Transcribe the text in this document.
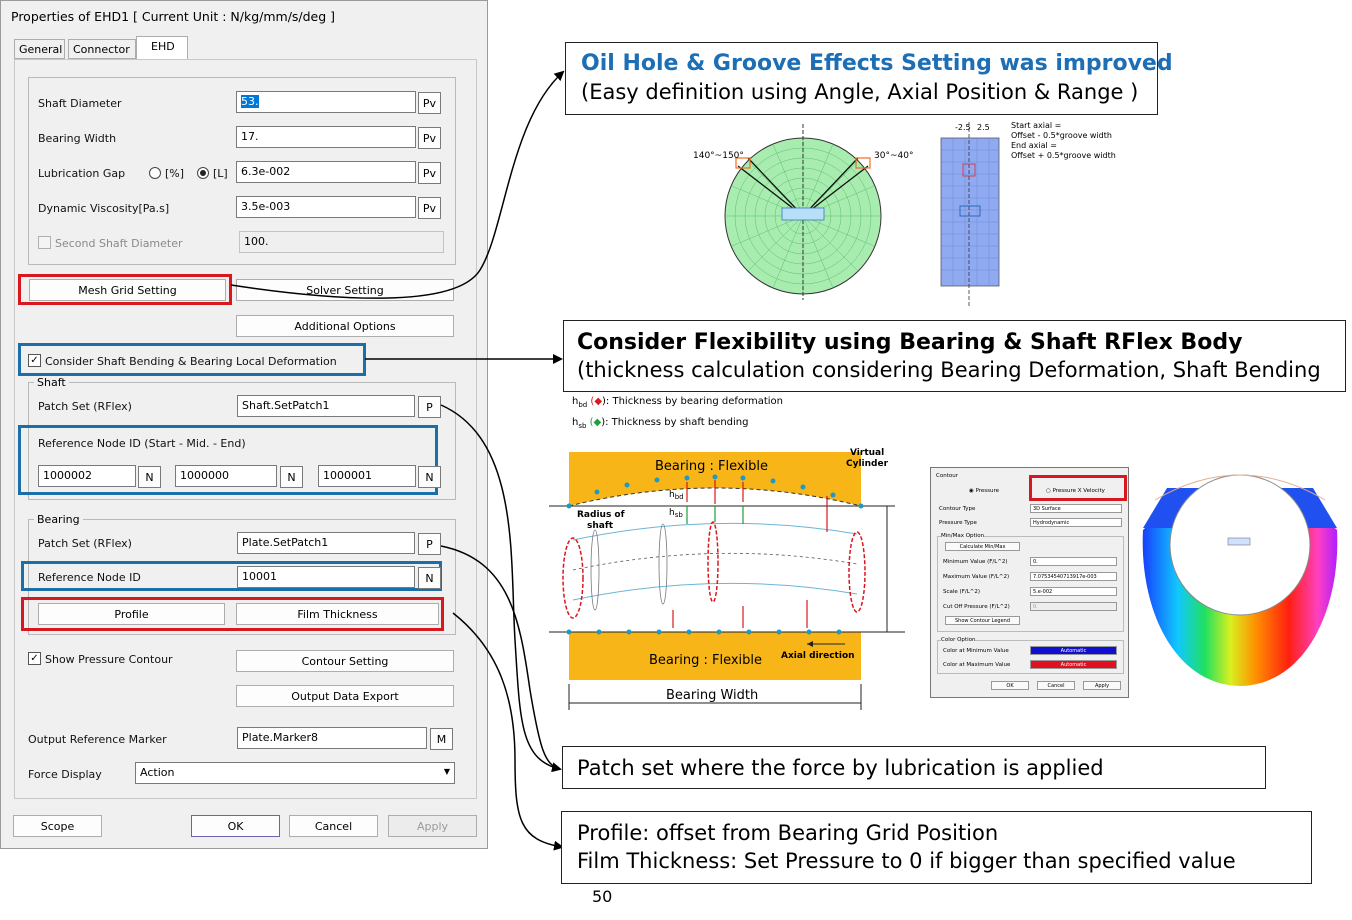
Properties of EHD1 [ Current Unit : N/kg/mm/s/deg ]
General Connector	EHD
Shaft Diameter	53.	Pv
Bearing Width	17.	Pv
Lubrication Gap	[%]	[L]	6.3e-002	Pv
Dynamic Viscosity[Pa.s]	3.5e-003	Pv
Second Shaft Diameter	100.
Mesh Grid Setting	Solver Setting
Additional Options
✓ Consider Shaft Bending & Bearing Local Deformation
Shaft
Patch Set (RFlex)	Shaft.SetPatch1	P
Reference Node ID (Start - Mid. - End)
1000002	N	1000000	N	1000001	N
Bearing
Patch Set (RFlex)	Plate.SetPatch1	P
Reference Node ID	10001	N
Profile	Film Thickness
✓ Show Pressure Contour	Contour Setting
Output Data Export
Output Reference Marker	Plate.Marker8	M
Force Display	Action	▼
Scope	OK	Cancel	Apply
Oil Hole & Groove Effects Setting was improved
(Easy definition using Angle, Axial Position & Range )
140°~150°	30°~40°
-2.5 2.5	Start axial =
Offset - 0.5*groove width
End axial =
Offset + 0.5*groove width
Consider Flexibility using Bearing & Shaft RFlex Body
(thickness calculation considering Bearing Deformation, Shaft Bending
$h_{bd}$ (◆): Thickness by bearing deformation
$h_{sb}$ (◆): Thickness by shaft bending
Bearing : Flexible
Bearing : Flexible
Virtual
Cylinder
Radius of
shaft
Axial direction
Bearing Width
$h_{bd}$
$h_{sb}$
Contour
◉ Pressure	○ Pressure X Velocity
Contour Type	3D Surface
Pressure Type	Hydrodynamic
Min/Max Option
Calculate Min/Max
Minimum Value (F/L^2)	0.
Maximum Value (F/L^2)	7.07534540713917e-003
Scale (F/L^2)	5.e-002
Cut Off Pressure (F/L^2)	0.
Show Contour Legend
Color Option
Color at Minimum Value	Automatic
Color at Maximum Value	Automatic
OK	Cancel	Apply
Patch set where the force by lubrication is applied
Profile: offset from Bearing Grid Position
Film Thickness: Set Pressure to 0 if bigger than specified value
50
